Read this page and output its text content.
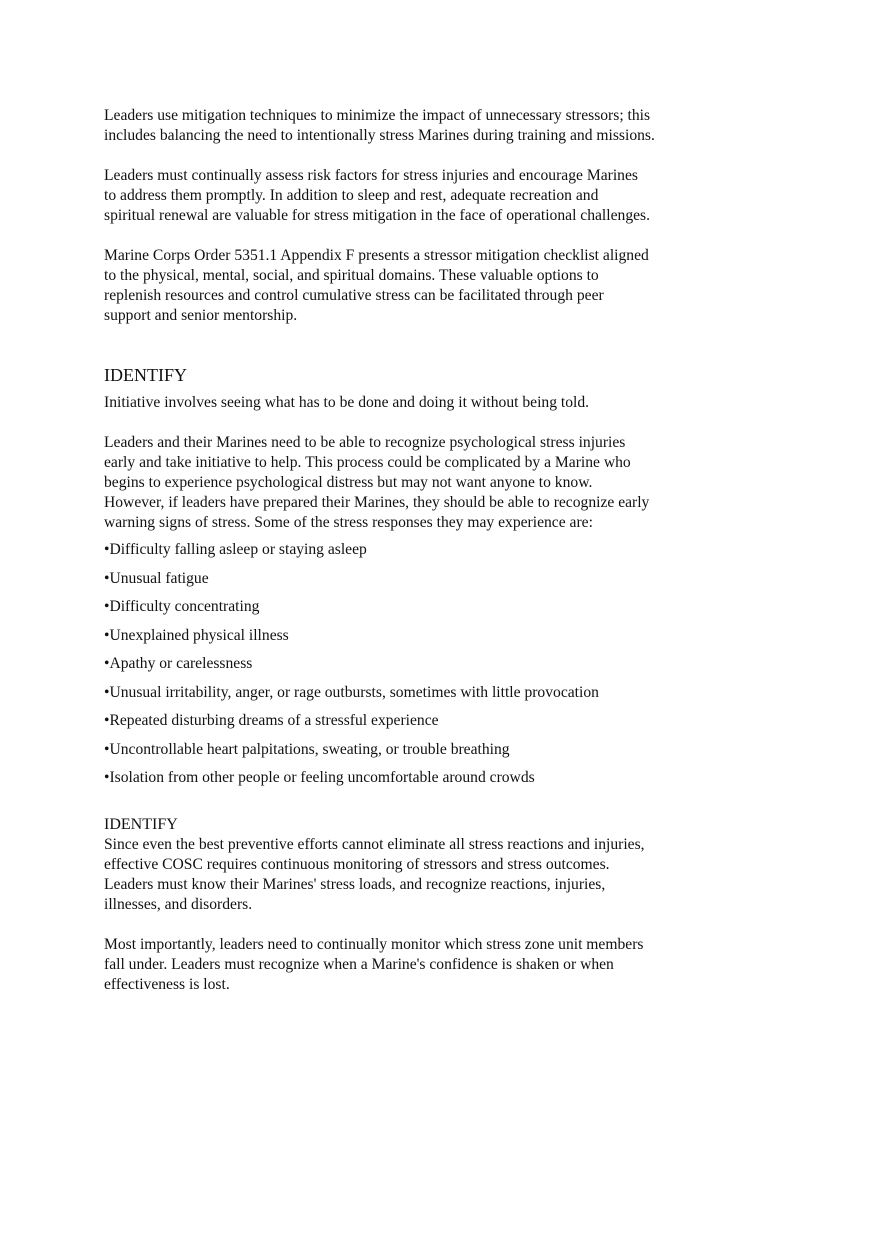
Leaders use mitigation techniques to minimize the impact of unnecessary stressors; this
includes balancing the need to intentionally stress Marines during training and missions.

Leaders must continually assess risk factors for stress injuries and encourage Marines
to address them promptly. In addition to sleep and rest, adequate recreation and
spiritual renewal are valuable for stress mitigation in the face of operational challenges.

Marine Corps Order 5351.1 Appendix F presents a stressor mitigation checklist aligned
to the physical, mental, social, and spiritual domains. These valuable options to
replenish resources and control cumulative stress can be facilitated through peer
support and senior mentorship.

IDENTIFY

Initiative involves seeing what has to be done and doing it without being told.

Leaders and their Marines need to be able to recognize psychological stress injuries
early and take initiative to help. This process could be complicated by a Marine who
begins to experience psychological distress but may not want anyone to know.
However, if leaders have prepared their Marines, they should be able to recognize early
warning signs of stress. Some of the stress responses they may experience are:

•Difficulty falling asleep or staying asleep
•Unusual fatigue
•Difficulty concentrating
•Unexplained physical illness
•Apathy or carelessness
•Unusual irritability, anger, or rage outbursts, sometimes with little provocation
•Repeated disturbing dreams of a stressful experience
•Uncontrollable heart palpitations, sweating, or trouble breathing
•Isolation from other people or feeling uncomfortable around crowds
IDENTIFY

Since even the best preventive efforts cannot eliminate all stress reactions and injuries,
effective COSC requires continuous monitoring of stressors and stress outcomes.
Leaders must know their Marines' stress loads, and recognize reactions, injuries,
illnesses, and disorders.

Most importantly, leaders need to continually monitor which stress zone unit members
fall under. Leaders must recognize when a Marine's confidence is shaken or when
effectiveness is lost.
